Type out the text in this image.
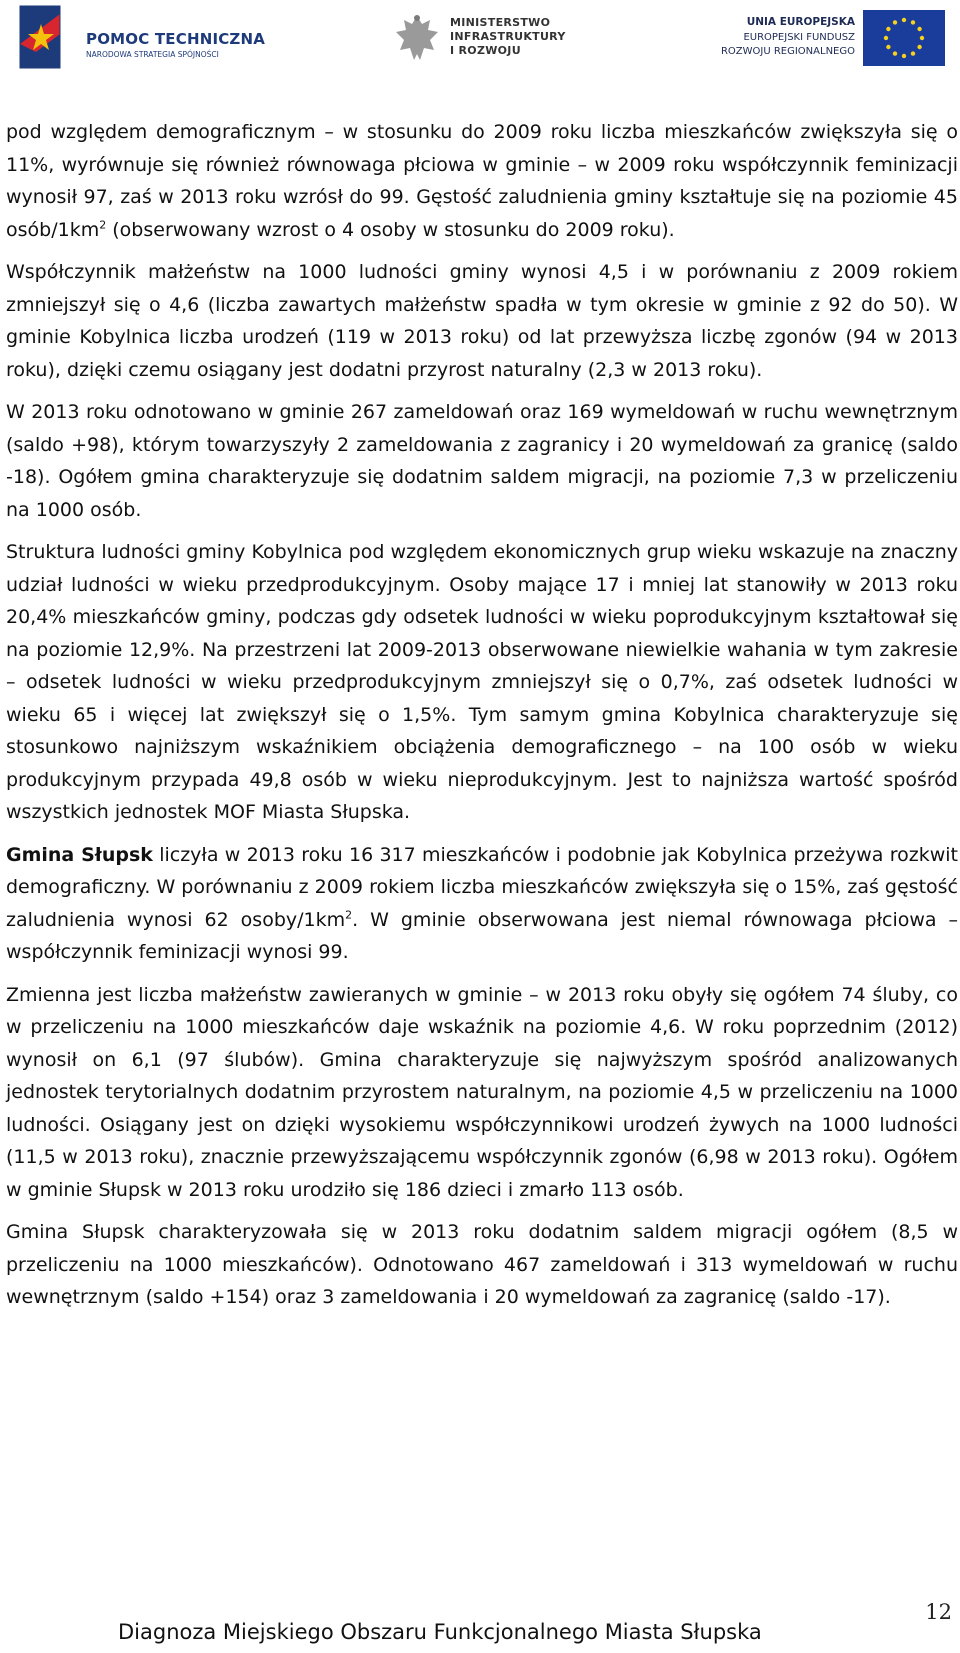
POMOC TECHNICZNA
NARODOWA STRATEGIA SPÓJNOŚCI
MINISTERSTWO
INFRASTRUKTURY
I ROZWOJU
UNIA EUROPEJSKA
EUROPEJSKI FUNDUSZ
ROZWOJU REGIONALNEGO

pod względem demograficznym – w stosunku do 2009 roku liczba mieszkańców zwiększyła się o 11%, wyrównuje się również równowaga płciowa w gminie – w 2009 roku współczynnik feminizacji wynosił 97, zaś w 2013 roku wzrósł do 99. Gęstość zaludnienia gminy kształtuje się na poziomie 45 osób/$1km^2$ (obserwowany wzrost o 4 osoby w stosunku do 2009 roku).

Współczynnik małżeństw na 1000 ludności gminy wynosi 4,5 i w porównaniu z 2009 rokiem zmniejszył się o 4,6 (liczba zawartych małżeństw spadła w tym okresie w gminie z 92 do 50). W gminie Kobylnica liczba urodzeń (119 w 2013 roku) od lat przewyższa liczbę zgonów (94 w 2013 roku), dzięki czemu osiągany jest dodatni przyrost naturalny (2,3 w 2013 roku).

W 2013 roku odnotowano w gminie 267 zameldowań oraz 169 wymeldowań w ruchu wewnętrznym (saldo +98), którym towarzyszyły 2 zameldowania z zagranicy i 20 wymeldowań za granicę (saldo -18). Ogółem gmina charakteryzuje się dodatnim saldem migracji, na poziomie 7,3 w przeliczeniu na 1000 osób.

Struktura ludności gminy Kobylnica pod względem ekonomicznych grup wieku wskazuje na znaczny udział ludności w wieku przedprodukcyjnym. Osoby mające 17 i mniej lat stanowiły w 2013 roku 20,4% mieszkańców gminy, podczas gdy odsetek ludności w wieku poprodukcyjnym kształtował się na poziomie 12,9%. Na przestrzeni lat 2009-2013 obserwowane niewielkie wahania w tym zakresie – odsetek ludności w wieku przedprodukcyjnym zmniejszył się o 0,7%, zaś odsetek ludności w wieku 65 i więcej lat zwiększył się o 1,5%. Tym samym gmina Kobylnica charakteryzuje się stosunkowo najniższym wskaźnikiem obciążenia demograficznego – na 100 osób w wieku produkcyjnym przypada 49,8 osób w wieku nieprodukcyjnym. Jest to najniższa wartość spośród wszystkich jednostek MOF Miasta Słupska.

Gmina Słupsk liczyła w 2013 roku 16 317 mieszkańców i podobnie jak Kobylnica przeżywa rozkwit demograficzny. W porównaniu z 2009 rokiem liczba mieszkańców zwiększyła się o 15%, zaś gęstość zaludnienia wynosi 62 osoby/$1km^2$. W gminie obserwowana jest niemal równowaga płciowa – współczynnik feminizacji wynosi 99.

Zmienna jest liczba małżeństw zawieranych w gminie – w 2013 roku obyły się ogółem 74 śluby, co w przeliczeniu na 1000 mieszkańców daje wskaźnik na poziomie 4,6. W roku poprzednim (2012) wynosił on 6,1 (97 ślubów). Gmina charakteryzuje się najwyższym spośród analizowanych jednostek terytorialnych dodatnim przyrostem naturalnym, na poziomie 4,5 w przeliczeniu na 1000 ludności. Osiągany jest on dzięki wysokiemu współczynnikowi urodzeń żywych na 1000 ludności (11,5 w 2013 roku), znacznie przewyższającemu współczynnik zgonów (6,98 w 2013 roku). Ogółem w gminie Słupsk w 2013 roku urodziło się 186 dzieci i zmarło 113 osób.

Gmina Słupsk charakteryzowała się w 2013 roku dodatnim saldem migracji ogółem (8,5 w przeliczeniu na 1000 mieszkańców). Odnotowano 467 zameldowań i 313 wymeldowań w ruchu wewnętrznym (saldo +154) oraz 3 zameldowania i 20 wymeldowań za zagranicę (saldo -17).

12
Diagnoza Miejskiego Obszaru Funkcjonalnego Miasta Słupska
